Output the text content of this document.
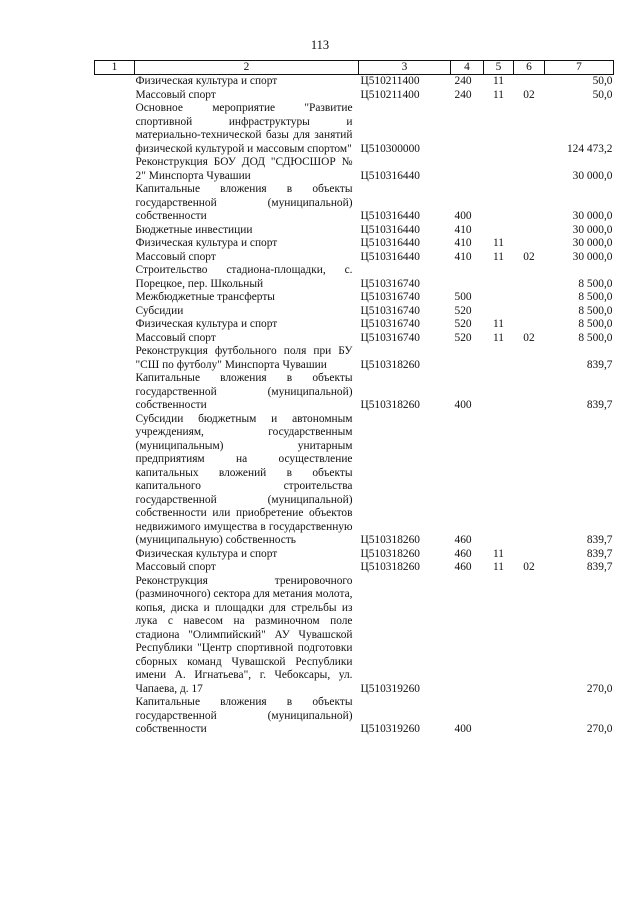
113
1	2	3	4	5	6	7
	Физическая культура и спорт	Ц510211400	240	11		50,0
	Массовый спорт	Ц510211400	240	11	02	50,0
	Основное мероприятие "Развитие спортивной инфраструктуры и материально-технической базы для занятий физической культурой и массовым спортом"	Ц510300000				124 473,2
	Реконструкция БОУ ДОД "СДЮСШОР № 2" Минспорта Чувашии	Ц510316440				30 000,0
	Капитальные вложения в объекты государственной (муниципальной) собственности	Ц510316440	400			30 000,0
	Бюджетные инвестиции	Ц510316440	410			30 000,0
	Физическая культура и спорт	Ц510316440	410	11		30 000,0
	Массовый спорт	Ц510316440	410	11	02	30 000,0
	Строительство стадиона-площадки, с. Порецкое, пер. Школьный	Ц510316740				8 500,0
	Межбюджетные трансферты	Ц510316740	500			8 500,0
	Субсидии	Ц510316740	520			8 500,0
	Физическая культура и спорт	Ц510316740	520	11		8 500,0
	Массовый спорт	Ц510316740	520	11	02	8 500,0
	Реконструкция футбольного поля при БУ "СШ по футболу" Минспорта Чувашии	Ц510318260				839,7
	Капитальные вложения в объекты государственной (муниципальной) собственности	Ц510318260	400			839,7
	Субсидии бюджетным и автономным учреждениям, государственным (муниципальным) унитарным предприятиям на осуществление капитальных вложений в объекты капитального строительства государственной (муниципальной) собственности или приобретение объектов недвижимого имущества в государственную (муниципальную) собственность	Ц510318260	460			839,7
	Физическая культура и спорт	Ц510318260	460	11		839,7
	Массовый спорт	Ц510318260	460	11	02	839,7
	Реконструкция тренировочного (разминочного) сектора для метания молота, копья, диска и площадки для стрельбы из лука с навесом на разминочном поле стадиона "Олимпийский" АУ Чувашской Республики "Центр спортивной подготовки сборных команд Чувашской Республики имени А. Игнатьева", г. Чебоксары, ул. Чапаева, д. 17	Ц510319260				270,0
	Капитальные вложения в объекты государственной (муниципальной) собственности	Ц510319260	400			270,0
